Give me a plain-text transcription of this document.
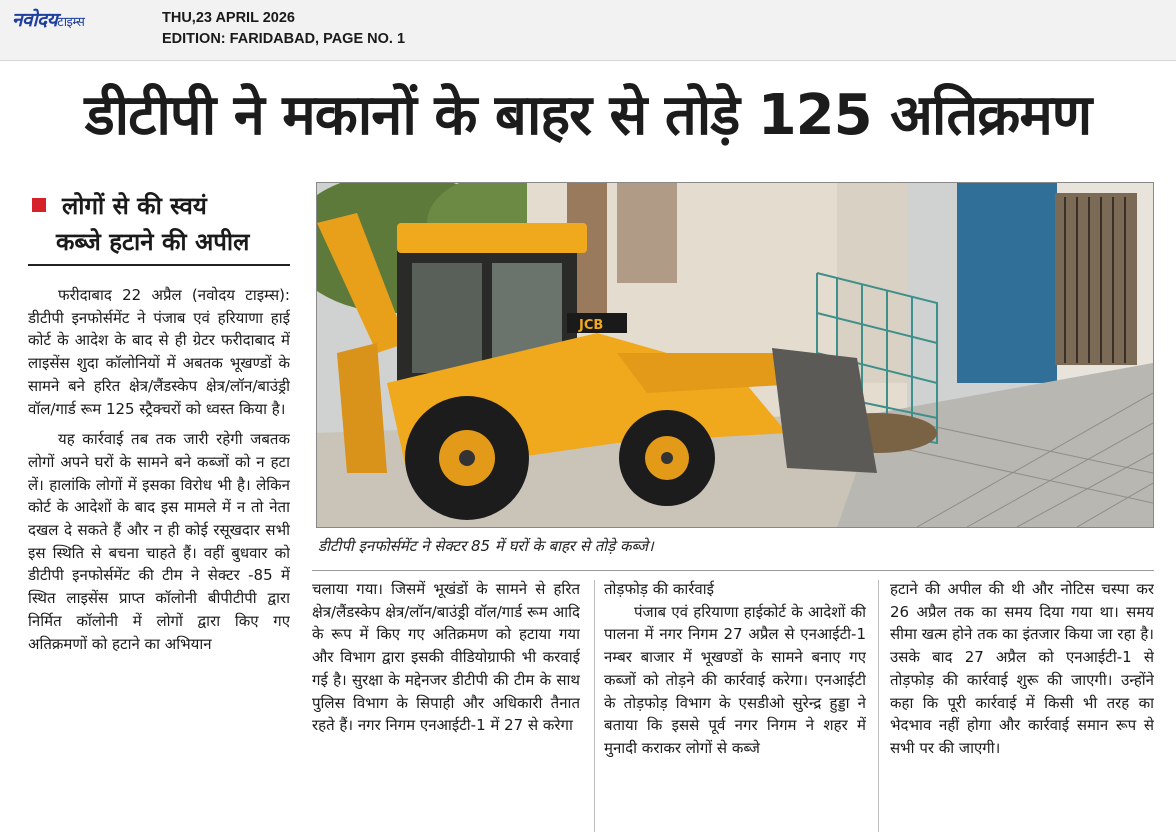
नवोदयटाइम्स	THU,23 APRIL 2026
EDITION: FARIDABAD, PAGE NO. 1
डीटीपी ने मकानों के बाहर से तोड़े 125 अतिक्रमण
लोगों से की स्वयं
कब्जे हटाने की अपील

फरीदाबाद 22 अप्रैल (नवोदय टाइम्स): डीटीपी इनफोर्समेंट ने पंजाब एवं हरियाणा हाई कोर्ट के आदेश के बाद से ही ग्रेटर फरीदाबाद में लाइसेंस शुदा कॉलोनियों में अबतक भूखण्डों के सामने बने हरित क्षेत्र/लैंडस्केप क्षेत्र/लॉन/बाउंड्री वॉल/गार्ड रूम 125 स्ट्रैक्चरों को ध्वस्त किया है।

यह कार्रवाई तब तक जारी रहेगी जबतक लोगों अपने घरों के सामने बने कब्जों को न हटा लें। हालांकि लोगों में इसका विरोध भी है। लेकिन कोर्ट के आदेशों के बाद इस मामले में न तो नेता दखल दे सकते हैं और न ही कोई रसूखदार सभी इस स्थिति से बचना चाहते हैं। वहीं बुधवार को डीटीपी इनफोर्समेंट की टीम ने सेक्टर -85 में स्थित लाइसेंस प्राप्त कॉलोनी बीपीटीपी द्वारा निर्मित कॉलोनी में लोगों द्वारा किए गए अतिक्रमणों को हटाने का अभियान

JCB
डीटीपी इनफोर्समेंट ने सेक्टर 85 में घरों के बाहर से तोड़े कब्जे।

चलाया गया। जिसमें भूखंडों के सामने से हरित क्षेत्र/लैंडस्केप क्षेत्र/लॉन/बाउंड्री वॉल/गार्ड रूम आदि के रूप में किए गए अतिक्रमण को हटाया गया और विभाग द्वारा इसकी वीडियोग्राफी भी करवाई गई है। सुरक्षा के मद्देनजर डीटीपी की टीम के साथ पुलिस विभाग के सिपाही और अधिकारी तैनात रहते हैं। नगर निगम एनआईटी-1 में 27 से करेगा

तोड़फोड़ की कार्रवाई

पंजाब एवं हरियाणा हाईकोर्ट के आदेशों की पालना में नगर निगम 27 अप्रैल से एनआईटी-1 नम्बर बाजार में भूखण्डों के सामने बनाए गए कब्जों को तोड़ने की कार्रवाई करेगा। एनआईटी के तोड़फोड़ विभाग के एसडीओ सुरेन्द्र हुड्डा ने बताया कि इससे पूर्व नगर निगम ने शहर में मुनादी कराकर लोगों से कब्जे

हटाने की अपील की थी और नोटिस चस्पा कर 26 अप्रैल तक का समय दिया गया था। समय सीमा खत्म होने तक का इंतजार किया जा रहा है। उसके बाद 27 अप्रैल को एनआईटी-1 से तोड़फोड़ की कार्रवाई शुरू की जाएगी। उन्होंने कहा कि पूरी कार्रवाई में किसी भी तरह का भेदभाव नहीं होगा और कार्रवाई समान रूप से सभी पर की जाएगी।
